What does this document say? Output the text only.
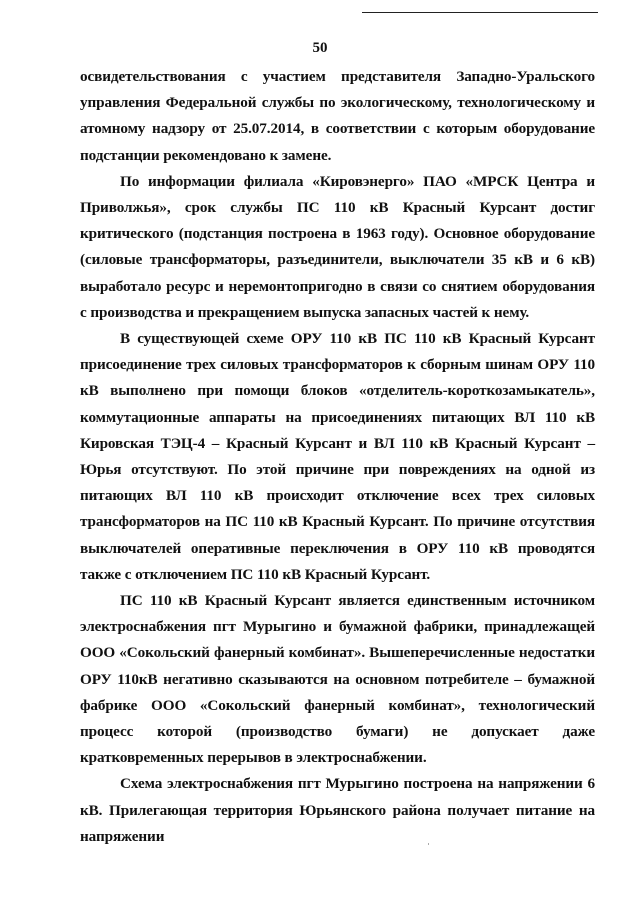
50

освидетельствования с участием представителя Западно-Уральского управления Федеральной службы по экологическому, технологическому и атомному надзору от 25.07.2014, в соответствии с которым оборудование подстанции рекомендовано к замене.

По информации филиала «Кировэнерго» ПАО «МРСК Центра и Приволжья», срок службы ПС 110 кВ Красный Курсант достиг критического (подстанция построена в 1963 году). Основное оборудование (силовые трансформаторы, разъединители, выключатели 35 кВ и 6 кВ) выработало ресурс и неремонтопригодно в связи со снятием оборудования с производства и прекращением выпуска запасных частей к нему.

В существующей схеме ОРУ 110 кВ ПС 110 кВ Красный Курсант присоединение трех силовых трансформаторов к сборным шинам ОРУ 110 кВ выполнено при помощи блоков «отделитель-короткозамыкатель», коммутационные аппараты на присоединениях питающих ВЛ 110 кВ Кировская ТЭЦ-4 – Красный Курсант и ВЛ 110 кВ Красный Курсант – Юрья отсутствуют. По этой причине при повреждениях на одной из питающих ВЛ 110 кВ происходит отключение всех трех силовых трансформаторов на ПС 110 кВ Красный Курсант. По причине отсутствия выключателей оперативные переключения в ОРУ 110 кВ проводятся также с отключением ПС 110 кВ Красный Курсант.

ПС 110 кВ Красный Курсант является единственным источником электроснабжения пгт Мурыгино и бумажной фабрики, принадлежащей ООО «Сокольский фанерный комбинат». Вышеперечисленные недостатки ОРУ 110кВ негативно сказываются на основном потребителе – бумажной фабрике ООО «Сокольский фанерный комбинат», технологический процесс которой (производство бумаги) не допускает даже кратковременных перерывов в электроснабжении.

Схема электроснабжения пгт Мурыгино построена на напряжении 6 кВ. Прилегающая территория Юрьянского района получает питание на напряжении
